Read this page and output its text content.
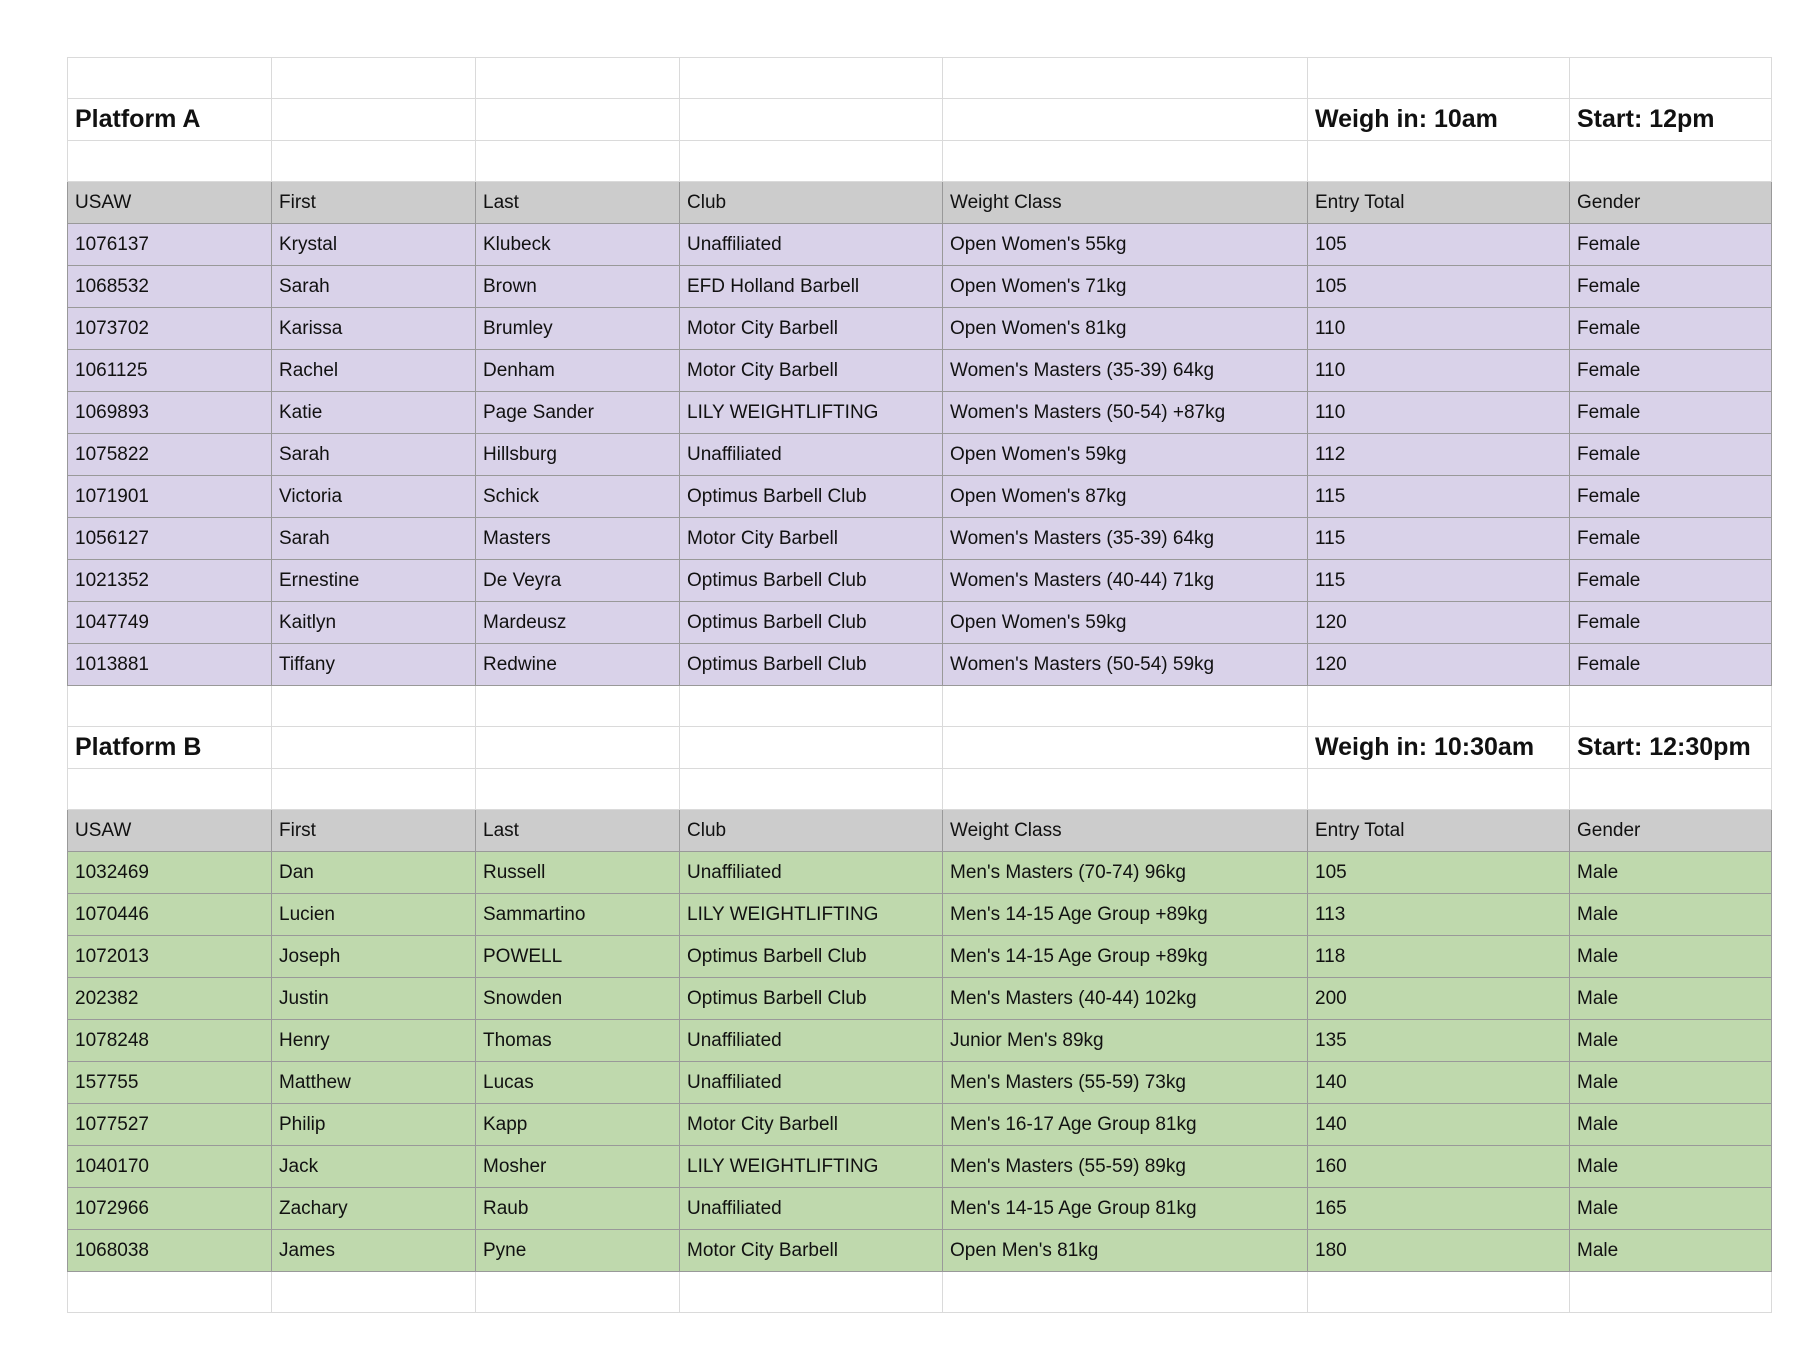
Platform A					Weigh in: 10am	Start: 12pm

USAW	First	Last	Club	Weight Class	Entry Total	Gender
1076137	Krystal	Klubeck	Unaffiliated	Open Women's 55kg	105	Female
1068532	Sarah	Brown	EFD Holland Barbell	Open Women's 71kg	105	Female
1073702	Karissa	Brumley	Motor City Barbell	Open Women's 81kg	110	Female
1061125	Rachel	Denham	Motor City Barbell	Women's Masters (35-39) 64kg	110	Female
1069893	Katie	Page Sander	LILY WEIGHTLIFTING	Women's Masters (50-54) +87kg	110	Female
1075822	Sarah	Hillsburg	Unaffiliated	Open Women's 59kg	112	Female
1071901	Victoria	Schick	Optimus Barbell Club	Open Women's 87kg	115	Female
1056127	Sarah	Masters	Motor City Barbell	Women's Masters (35-39) 64kg	115	Female
1021352	Ernestine	De Veyra	Optimus Barbell Club	Women's Masters (40-44) 71kg	115	Female
1047749	Kaitlyn	Mardeusz	Optimus Barbell Club	Open Women's 59kg	120	Female
1013881	Tiffany	Redwine	Optimus Barbell Club	Women's Masters (50-54) 59kg	120	Female

Platform B					Weigh in: 10:30am	Start: 12:30pm

USAW	First	Last	Club	Weight Class	Entry Total	Gender
1032469	Dan	Russell	Unaffiliated	Men's Masters (70-74) 96kg	105	Male
1070446	Lucien	Sammartino	LILY WEIGHTLIFTING	Men's 14-15 Age Group +89kg	113	Male
1072013	Joseph	POWELL	Optimus Barbell Club	Men's 14-15 Age Group +89kg	118	Male
202382	Justin	Snowden	Optimus Barbell Club	Men's Masters (40-44) 102kg	200	Male
1078248	Henry	Thomas	Unaffiliated	Junior Men's 89kg	135	Male
157755	Matthew	Lucas	Unaffiliated	Men's Masters (55-59) 73kg	140	Male
1077527	Philip	Kapp	Motor City Barbell	Men's 16-17 Age Group 81kg	140	Male
1040170	Jack	Mosher	LILY WEIGHTLIFTING	Men's Masters (55-59) 89kg	160	Male
1072966	Zachary	Raub	Unaffiliated	Men's 14-15 Age Group 81kg	165	Male
1068038	James	Pyne	Motor City Barbell	Open Men's 81kg	180	Male
